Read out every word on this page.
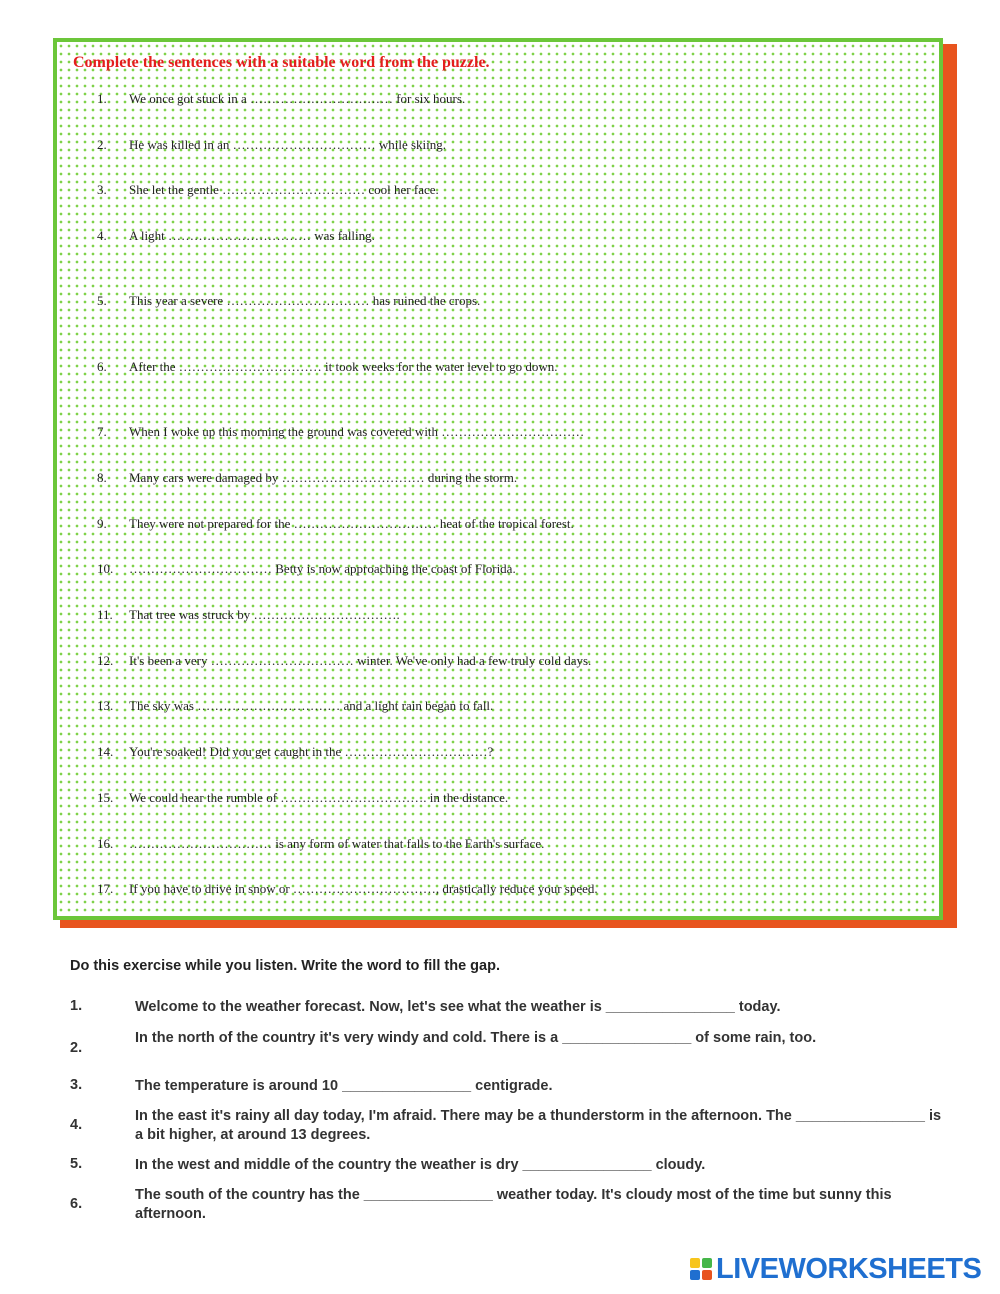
Complete the sentences with a suitable word from the puzzle.
1.	We once got stuck in a …………………………… for six hours.
2.	He was killed in an …………………………… while skiing.
3.	She let the gentle …………………………… cool her face.
4.	A light …………………………… was falling.
5.	This year a severe …………………………… has ruined the crops.
6.	After the …………………………… it took weeks for the water level to go down.
7.	When I woke up this morning the ground was covered with ……………………………
8.	Many cars were damaged by …………………………… during the storm.
9.	They were not prepared for the …………………………… heat of the tropical forest.
10.	…………………………… Betty is now approaching the coast of Florida.
11.	That tree was struck by …………………………….
12.	It's been a very …………………………… winter. We've only had a few truly cold days.
13.	The sky was …………………………… and a light rain began to fall.
14.	You're soaked! Did you get caught in the ……………………………?
15.	We could hear the rumble of ……………………………. in the distance.
16.	…………………………… is any form of water that falls to the Earth's surface.
17.	If you have to drive in snow or ……………………………, drastically reduce your speed.
Do this exercise while you listen. Write the word to fill the gap.
1.	Welcome to the weather forecast. Now, let's see what the weather is ________________ today.
2.
In the north of the country it's very windy and cold. There is a ________________ of some rain, too.
3.	The temperature is around 10 ________________ centigrade.
4.
In the east it's rainy all day today, I'm afraid. There may be a thunderstorm in the afternoon. The ________________ is a bit higher, at around 13 degrees.
5.	In the west and middle of the country the weather is dry ________________ cloudy.
6.
The south of the country has the ________________ weather today. It's cloudy most of the time but sunny this afternoon.
LIVEWORKSHEETS
